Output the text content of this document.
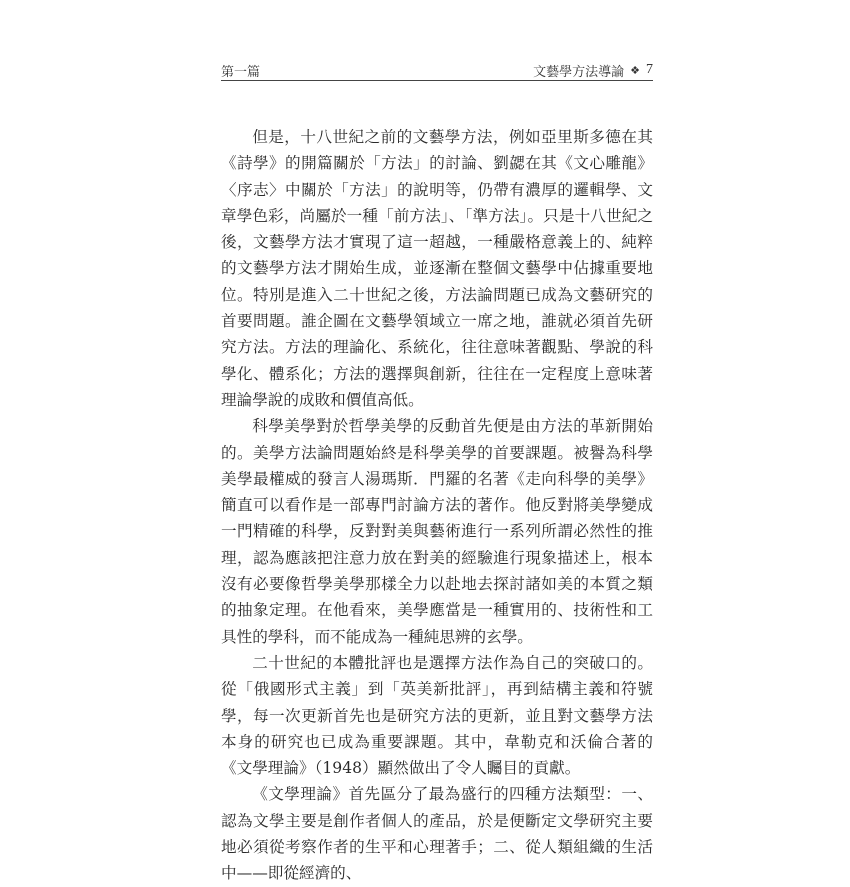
第一篇	文藝學方法導論 ❖ 7

但是，十八世紀之前的文藝學方法，例如亞里斯多德在其《詩學》的開篇關於「方法」的討論、劉勰在其《文心雕龍》〈序志〉中關於「方法」的說明等，仍帶有濃厚的邏輯學、文章學色彩，尚屬於一種「前方法」、「準方法」。只是十八世紀之後，文藝學方法才實現了這一超越，一種嚴格意義上的、純粹的文藝學方法才開始生成，並逐漸在整個文藝學中佔據重要地位。特別是進入二十世紀之後，方法論問題已成為文藝研究的首要問題。誰企圖在文藝學領域立一席之地，誰就必須首先研究方法。方法的理論化、系統化，往往意味著觀點、學說的科學化、體系化；方法的選擇與創新，往往在一定程度上意味著理論學說的成敗和價值高低。

科學美學對於哲學美學的反動首先便是由方法的革新開始的。美學方法論問題始終是科學美學的首要課題。被譽為科學美學最權威的發言人湯瑪斯．門羅的名著《走向科學的美學》簡直可以看作是一部專門討論方法的著作。他反對將美學變成一門精確的科學，反對對美與藝術進行一系列所謂必然性的推理，認為應該把注意力放在對美的經驗進行現象描述上，根本沒有必要像哲學美學那樣全力以赴地去探討諸如美的本質之類的抽象定理。在他看來，美學應當是一種實用的、技術性和工具性的學科，而不能成為一種純思辨的玄學。

二十世紀的本體批評也是選擇方法作為自己的突破口的。從「俄國形式主義」到「英美新批評」，再到結構主義和符號學，每一次更新首先也是研究方法的更新，並且對文藝學方法本身的研究也已成為重要課題。其中，韋勒克和沃倫合著的《文學理論》（1948）顯然做出了令人矚目的貢獻。

《文學理論》首先區分了最為盛行的四種方法類型：一、認為文學主要是創作者個人的產品，於是便斷定文學研究主要地必須從考察作者的生平和心理著手；二、從人類組織的生活中——即從經濟的、
